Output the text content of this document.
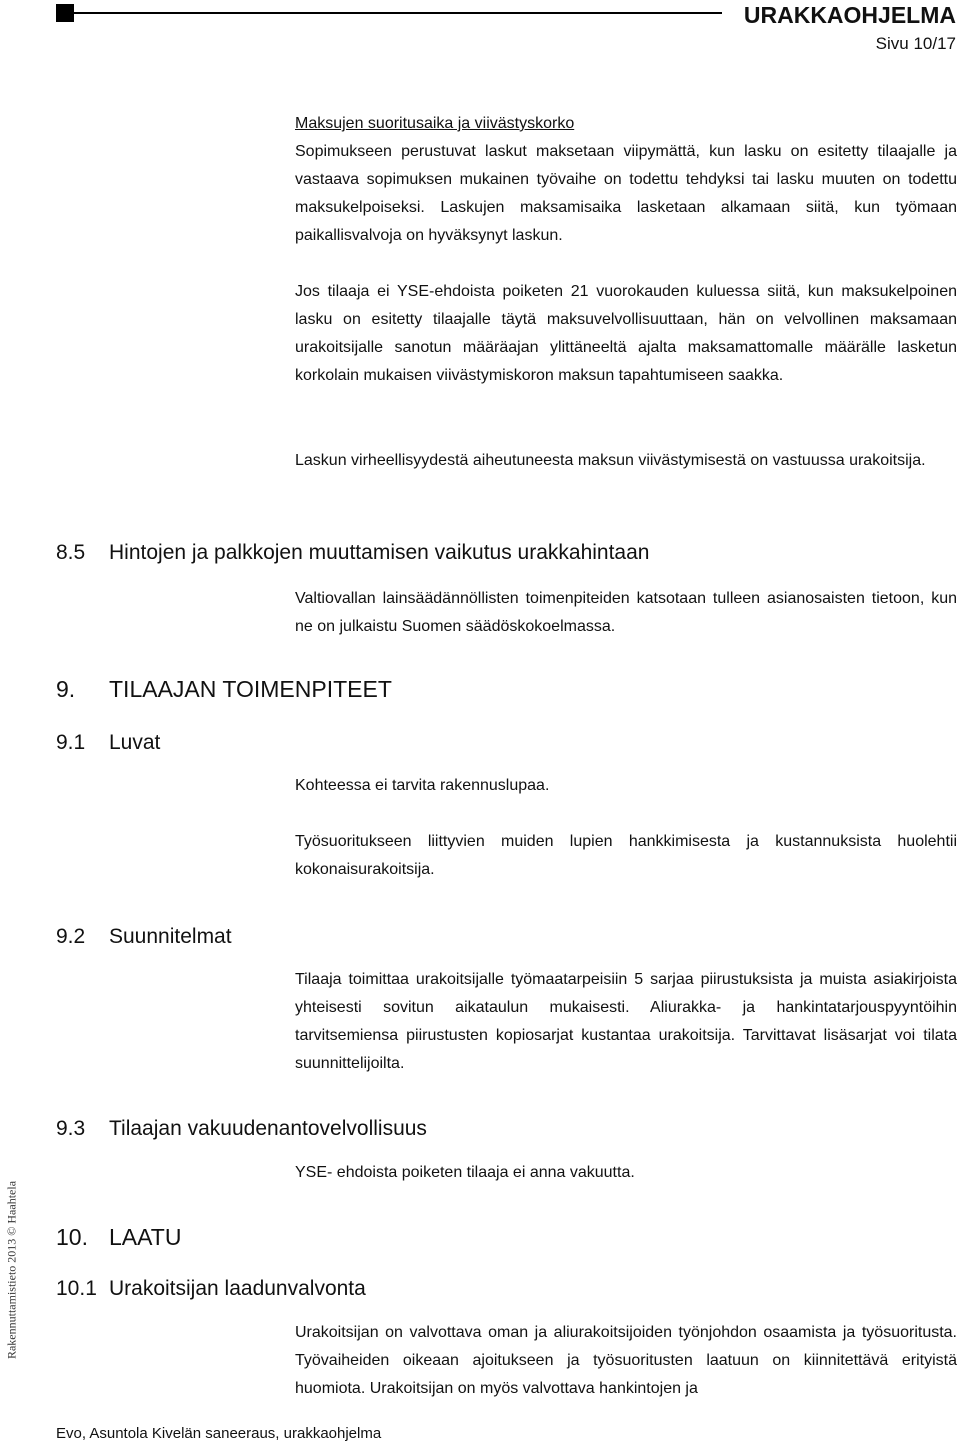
URAKKAOHJELMA
Sivu 10/17

Maksujen suoritusaika ja viivästyskorko

Sopimukseen perustuvat laskut maksetaan viipymättä, kun lasku on esitetty tilaajalle ja vastaava sopimuksen mukainen työvaihe on todettu tehdyksi tai lasku muuten on todettu maksukelpoiseksi. Laskujen maksamisaika lasketaan alkamaan siitä, kun työmaan paikallisvalvoja on hyväksynyt laskun.

Jos tilaaja ei YSE-ehdoista poiketen 21 vuorokauden kuluessa siitä, kun maksukelpoinen lasku on esitetty tilaajalle täytä maksuvelvollisuuttaan, hän on velvollinen maksamaan urakoitsijalle sanotun määräajan ylittäneeltä ajalta maksamattomalle määrälle lasketun korkolain mukaisen viivästymiskoron maksun tapahtumiseen saakka.

Laskun virheellisyydestä aiheutuneesta maksun viivästymisestä on vastuussa urakoitsija.

8.5 Hintojen ja palkkojen muuttamisen vaikutus urakkahintaan

Valtiovallan lainsäädännöllisten toimenpiteiden katsotaan tulleen asianosaisten tietoon, kun ne on julkaistu Suomen säädöskokoelmassa.

9. TILAAJAN TOIMENPITEET
9.1 Luvat

Kohteessa ei tarvita rakennuslupaa.

Työsuoritukseen liittyvien muiden lupien hankkimisesta ja kustannuksista huolehtii kokonaisurakoitsija.

9.2 Suunnitelmat

Tilaaja toimittaa urakoitsijalle työmaatarpeisiin 5 sarjaa piirustuksista ja muista asiakirjoista yhteisesti sovitun aikataulun mukaisesti. Aliurakka- ja hankintatarjouspyyntöihin tarvitsemiensa piirustusten kopiosarjat kustantaa urakoitsija. Tarvittavat lisäsarjat voi tilata suunnittelijoilta.

9.3 Tilaajan vakuudenantovelvollisuus

YSE- ehdoista poiketen tilaaja ei anna vakuutta.

10. LAATU
10.1 Urakoitsijan laadunvalvonta

Urakoitsijan on valvottava oman ja aliurakoitsijoiden työnjohdon osaamista ja työsuoritusta. Työvaiheiden oikeaan ajoitukseen ja työsuoritusten laatuun on kiinnitettävä erityistä huomiota. Urakoitsijan on myös valvottava hankintojen ja

Rakennuttamistieto 2013 © Haahtela
Evo, Asuntola Kivelän saneeraus, urakkaohjelma
